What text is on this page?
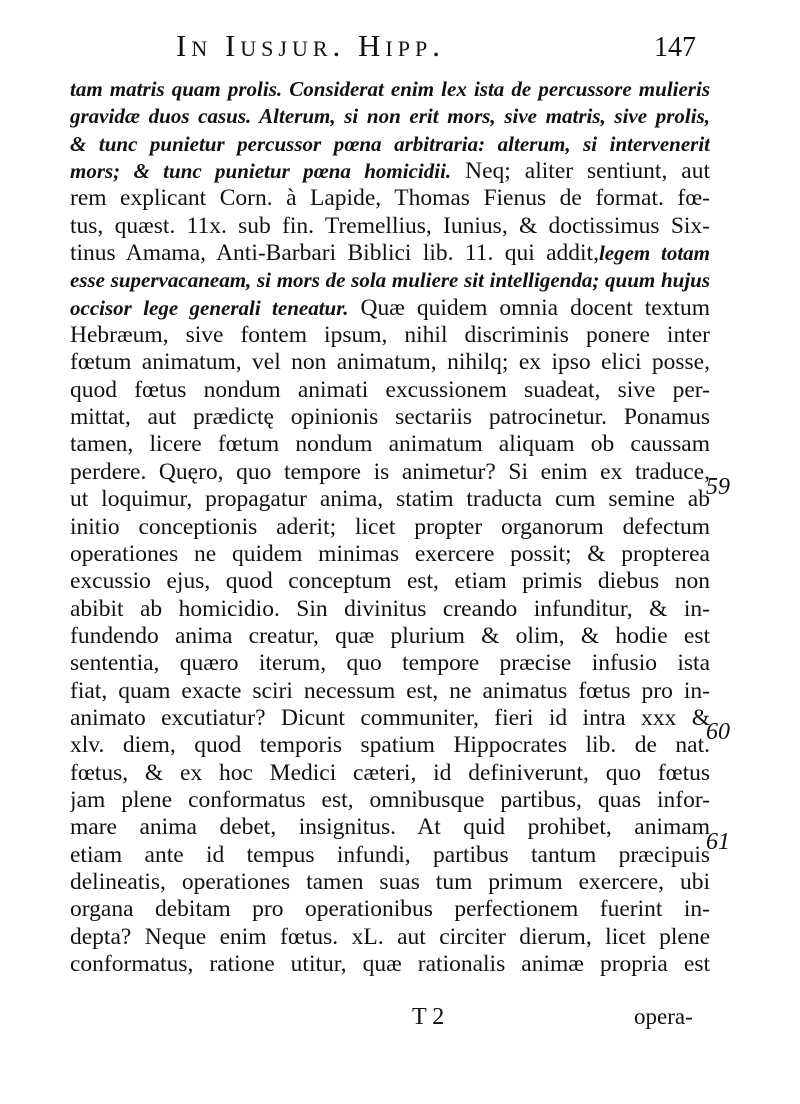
In Iusjur. Hipp.	147
tam matris quam prolis. Considerat enim lex ista de percussore mulieris
gravidæ duos casus. Alterum, si non erit mors, sive matris, sive prolis,
& tunc punietur percussor pœna arbitraria: alterum, si intervenerit
mors; & tunc punietur pœna homicidii. Neq; aliter sentiunt, aut
rem explicant Corn. à Lapide, Thomas Fienus de format. fœ-
tus, quæst. 11x. sub fin. Tremellius, Iunius, & doctissimus Six-
tinus Amama, Anti-Barbari Biblici lib. 11. qui addit,legem totam
esse supervacaneam, si mors de sola muliere sit intelligenda; quum hujus
occisor lege generali teneatur. Quæ quidem omnia docent textum
Hebræum, sive fontem ipsum, nihil discriminis ponere inter
fœtum animatum, vel non animatum, nihilq; ex ipso elici posse,
quod fœtus nondum animati excussionem suadeat, sive per-
mittat, aut prædictę opinionis sectariis patrocinetur. Ponamus
tamen, licere fœtum nondum animatum aliquam ob caussam
perdere. Quęro, quo tempore is animetur? Si enim ex traduce,
ut loquimur, propagatur anima, statim traducta cum semine ab
initio conceptionis aderit; licet propter organorum defectum
operationes ne quidem minimas exercere possit; & propterea
excussio ejus, quod conceptum est, etiam primis diebus non
abibit ab homicidio. Sin divinitus creando infunditur, & in-
fundendo anima creatur, quæ plurium & olim, & hodie est
sententia, quæro iterum, quo tempore præcise infusio ista
fiat, quam exacte sciri necessum est, ne animatus fœtus pro in-
animato excutiatur? Dicunt communiter, fieri id intra xxx &
xlv. diem, quod temporis spatium Hippocrates lib. de nat.
fœtus, & ex hoc Medici cæteri, id definiverunt, quo fœtus
jam plene conformatus est, omnibusque partibus, quas infor-
mare anima debet, insignitus. At quid prohibet, animam
etiam ante id tempus infundi, partibus tantum præcipuis
delineatis, operationes tamen suas tum primum exercere, ubi
organa debitam pro operationibus perfectionem fuerint in-
depta? Neque enim fœtus. xL. aut circiter dierum, licet plene
conformatus, ratione utitur, quæ rationalis animæ propria est
59
60
61
T 2	opera-
